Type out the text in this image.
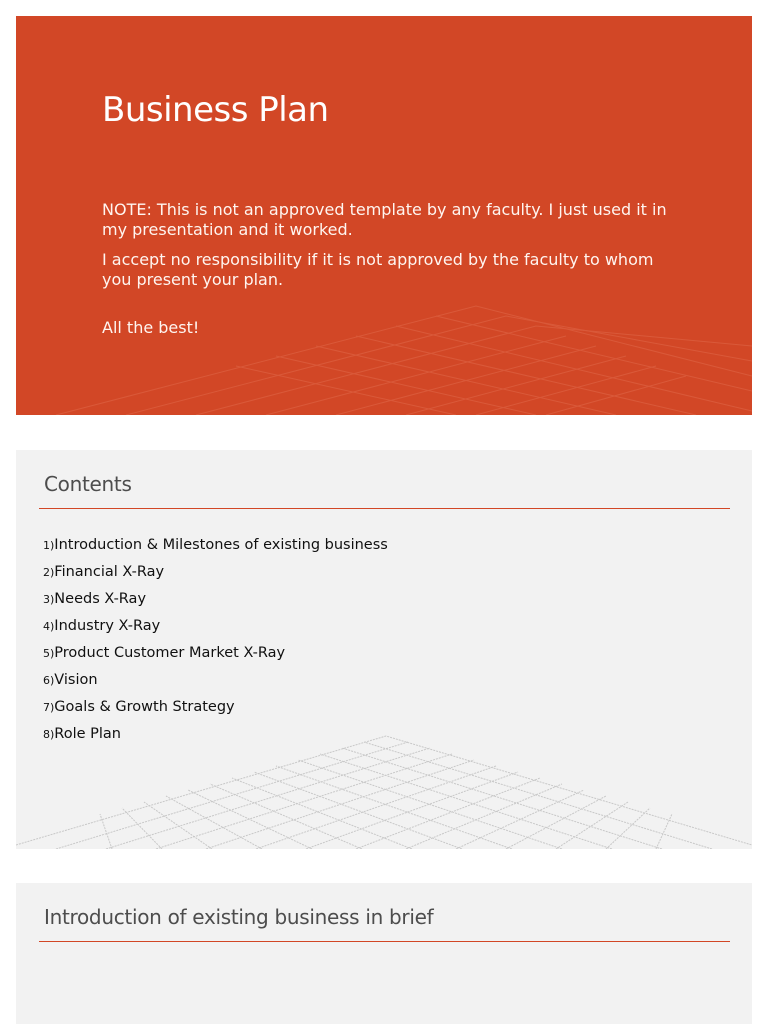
Business Plan

NOTE: This is not an approved template by any faculty. I just used it in my presentation and it worked.

I accept no responsibility if it is not approved by the faculty to whom you present your plan.

All the best!

Contents
1)Introduction & Milestones of existing business
2)Financial X-Ray
3)Needs X-Ray
4)Industry X-Ray
5)Product Customer Market X-Ray
6)Vision
7)Goals & Growth Strategy
8)Role Plan
Introduction of existing business in brief
